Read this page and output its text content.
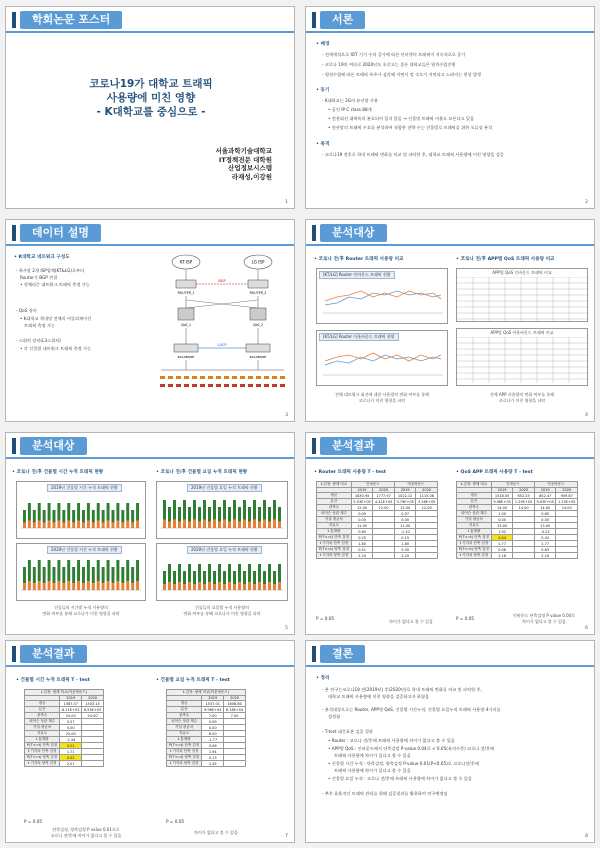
학회논문 포스터
코로나19가 대학교 트래픽
사용량에 미친 영향
- K대학교를 중심으로 -
서울과학기술대학교
IT정책전문 대학원
산업정보시스템
라재성,이강원
1
서론
• 배경
- 전세계적으로 IOT 기기 수의 증가에 따른 인터넷의 트래픽이 지속적으로 증가
- 코로나 19의 여파로 2020년도 초중고는 물론 대학교들은 원격수업진행
- 원격수업에 따른 트래픽 폭주가 심각해 지면서 망 속도가 지연되고 느려지는 현상 발생
• 동기
- K대학교는 2G의 유선망 사용
• 공인 IP C class 88개
• 전용회선 대역폭의 분포되어 있지 않음 → 건물별 트래픽 비율도 모른다고 있음
• 전산망의 트래픽 수요를 분석하여 적합한 전략 수는 건물별로 트래픽을 위한 오류상 분석
• 목적
- 코로나19 전후로 학내 트래픽 변화를 비교 및 파악한 후, 대학교 트래픽 사용량에 미친 영향을 검증
2
데이터 설명
• K대학교 네트워크 구성도
- 학사망 2개 ISP업체(KT&LG)로부터
Router가 BGP 연결
• 전체리즌 네트워크 트래픽 측정 가능
- QoS 장비
• K대학교 학내망 전체의 어플리케이션
트래픽 측정 가능
- 스위치 장비(L3스위치)
• 각 건물별 네트워크 트래픽 측정 가능
KT ISP	LG ISP
ROUTER_1	ROUTER_2
BGP
QoS_1	QoS_2
LACP
BACKBONE	BACKBONE
3
분석대상
• 코로나 전/후 Router 트래픽 사용량 비교	• 코로나 전/후 APP별 QoS 트래픽 사용량 비교
[KT/LG] Router 인바운드 트래픽 현황
[KT/LG] Router 아웃바운드 트래픽 현황
전체 네트워크 회선에 대한 사용량의 변화 여부를 통해
코로나가 미친 영향을 파악
APP별 QoS 인바운드 트래픽 비교
APP별 QoS 아웃바운드 트래픽 비교
전체 APP 사용량의 변화 여부를 통해
코로나가 미친 영향을 파악
4
분석대상
• 코로나 전/후 건물별 시간 누적 트래픽 현황	• 코로나 전/후 건물별 요일 누적 트래픽 현황
2019년 건물별 시간 누적 트래픽 현황
2020년 건물별 시간 누적 트래픽 현황
2019년 건물별 요일 누적 트래픽 현황
2020년 건물별 요일 누적 트래픽 현황
건물들의 시간별 누적 사용량의
변화 여부를 통해 코로나가 미친 영향을 파악
건물들의 요일별 누적 사용량의
변화 여부를 통해 코로나가 미친 영향을 파악
5
분석결과
• Router 트래픽 사용량 T - test	• QoS APP 트래픽 사용량 T - test
t-검정: 쌍체 비교	인바운드		아웃바운드	
	2019	2020	2019	2020
평균	1830.95	1777.97	1022.12	1115.08
분산	5.53E+05	4.41E+05	3.79E+05	3.26E+05
관측수	12.00	12.00	12.00	12.00
피어슨 상관 계수	0.09		0.57	
가설 평균차	0.00		0.00	
자유도	11.00		11.00	
t 통계량	0.69		-1.10	
P(T<=t) 단측 검정	0.25		0.15	
t 기각치 단측 검정	1.80		1.80	
P(T<=t) 양측 검정	0.51		0.30	
t 기각치 양측 검정	2.20		2.20	
t-검정: 쌍체 비교	인바운드		아웃바운드	
	2019	2020	2019	2020
평균	1518.55	652.25	852.47	909.87
분산	9.98E+05	1.29E+05	9.03E+05	1.23E+05
관측수	14.00	14.00	14.00	14.00
피어슨 상관 계수	1.00		0.65	
가설 평균차	0.00		0.00	
자유도	13.00		13.00	
t 통계량	1.92		-0.22	
P(T<=t) 단측 검정	0.04		0.42	
t 기각치 단측 검정	1.77		1.77	
P(T<=t) 양측 검정	0.08		0.83	
t 기각치 양측 검정	2.16		2.16	
P = 0.05	P = 0.05
차이가 없다고 볼 수 있음
인바운드 단측검정 P value 0.04로
차이가 없다고 볼 수 있음
6
분석결과
• 건물별 시간 누적 트래픽 T - test	• 건물별 요일 누적 트래픽 T - test
t-검정: 쌍체 비교(아웃바운드)		
	2019	2020
평균	1387.57	1503.15
분산	8.11E+03	6.55E+03
관측수	24.00	24.00
피어슨 상관 계수	0.57	
가설 평균차	0.00	
자유도	23.00	
t 통계량	-2.44	
P(T<=t) 단측 검정	0.01	
t 기각치 단측 검정	1.71	
P(T<=t) 양측 검정	0.02	
t 기각치 양측 검정	2.07	
t-검정: 쌍체 비교(아웃바운드)		
	2019	2020
평균	1537.01	1608.80
분산	9.96E+04	8.18E+04
관측수	7.00	7.00
피어슨 상관 계수	0.99	
가설 평균차	0.00	
자유도	6.00	
t 통계량	-1.77	
P(T<=t) 단측 검정	0.06	
t 기각치 단측 검정	1.94	
P(T<=t) 양측 검정	0.13	
t 기각치 양측 검정	2.45	
P = 0.05	P = 0.05
단측검정, 양측검정 P value 0.01으로
코로나 전/후에 차이가 없다고 볼 수 있음	차이가 없다고 볼 수 있음
7
결론
• 정리
- 본 연구는코로나19 전(2019년) 후(2020년)로 학내 트래픽 변화를 비교 및 파악한 후,
대학교 트래픽 사용량에 미친 영향을 검증하고자 하였음
- 분석대상으로는 Router, APP별 QoS, 건물별 시간누적, 건물별 요일누적 트래픽 사용량 4가지를
설정함
- T-test 대응표본 검증 결과
• Router : 코로나 전/후에 트래픽 사용량에 차이가 없다고 볼 수 있음
• APP별 QoS : 인바운드에서 단측검정 P-value 0.04로 < 0.05(유의수준) 코로나 전/후에
트래픽 사용량에 차이가 있다고 볼 수 있음
• 건물별 시간 누적 : 단측검정, 양측검정 P-value 0.01(P<0.05)로 코로나전/후에
트래픽 사용량에 차이가 있다고 볼 수 있음
• 건물별 요일 누적 : 코로나 전/후에 트래픽 사용량에 차이가 없다고 볼 수 있음
- 추후 효율적인 트래픽 관리를 위해 검증결과를 활용하여 연구예정임
8
